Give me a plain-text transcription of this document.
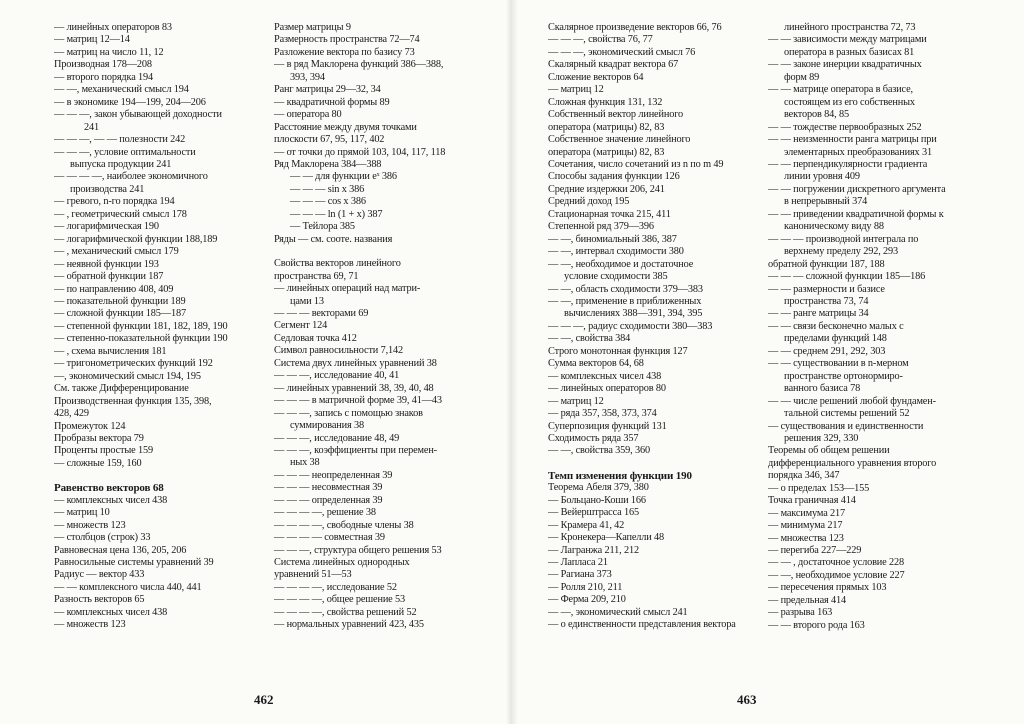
— линейных операторов 83
— матриц 12—14
— матриц на число 11, 12
Производная 178—208
— второго порядка 194
— —, механический смысл 194
— в экономике 194—199, 204—206
— — —, закон убывающей доходности
241
— — —, — — полезности 242
— — —, условие оптимальности
выпуска продукции 241
— — — —, наиболее экономичного
производства 241
— гревого, n-го порядка 194
— , геометрический смысл 178
— логарифмическая 190
— логарифмической функции 188,189
— , механический смысл 179
— неявной функции 193
— обратной функции 187
— по направлению 408, 409
— показательной функции 189
— сложной функции 185—187
— степенной функции 181, 182, 189, 190
— степенно-показательной функции 190
— , схема вычисления 181
— тригонометрических функций 192
—, экономический смысл 194, 195
См. также Дифференцирование
Производственная функция 135, 398,
428, 429
Промежуток 124
Пробразы вектора 79
Проценты простые 159
— сложные 159, 160
Равенство векторов 68
— комплексных чисел 438
— матриц 10
— множеств 123
— столбцов (строк) 33
Равновесная цена 136, 205, 206
Равносильные системы уравнений 39
Радиус — вектор 433
— — комплексного числа 440, 441
Разность векторов 65
— комплексных чисел 438
— множеств 123
Размер матрицы 9
Размерность пространства 72—74
Разложение вектора по базису 73
— в ряд Маклорена функций 386—388,
393, 394
Ранг матрицы 29—32, 34
— квадратичной формы 89
— оператора 80
Расстояние между двумя точками
плоскости 67, 95, 117, 402
— от точки до прямой 103, 104, 117, 118
Ряд Маклорена 384—388
— — для функции eˣ 386
— — — sin x 386
— — — cos x 386
— — — ln (1 + x) 387
— Тейлора 385
Ряды — см. сооте. названия
Свойства векторов линейного
пространства 69, 71
— линейных операций над матри-
цами 13
— — — векторами 69
Сегмент 124
Седловая точка 412
Символ равносильности 7,142
Система двух линейных уравнений 38
— — —, исследование 40, 41
— линейных уравнений 38, 39, 40, 48
— — — в матричной форме 39, 41—43
— — —, запись с помощью знаков
суммирования 38
— — —, исследование 48, 49
— — —, коэффициенты при перемен-
ных 38
— — — неопределенная 39
— — — несовместная 39
— — — определенная 39
— — — —, решение 38
— — — —, свободные члены 38
— — — — совместная 39
— — —, структура общего решения 53
Система линейных однородных
уравнений 51—53
— — — —, исследование 52
— — — —, общее решение 53
— — — —, свойства решений 52
— нормальных уравнений 423, 435
Скалярное произведение векторов 66, 76
— — —, свойства 76, 77
— — —, экономический смысл 76
Скалярный квадрат вектора 67
Сложение векторов 64
— матриц 12
Сложная функция 131, 132
Собственный вектор линейного
оператора (матрицы) 82, 83
Собственное значение линейного
оператора (матрицы) 82, 83
Сочетания, число сочетаний из n по m 49
Способы задания функции 126
Средние издержки 206, 241
Средний доход 195
Стационарная точка 215, 411
Степенной ряд 379—396
— —, биномиальный 386, 387
— —, интервал сходимости 380
— —, необходимое и достаточное
условие сходимости 385
— —, область сходимости 379—383
— —, применение в приближенных
вычислениях 388—391, 394, 395
— — —, радиус сходимости 380—383
— —, свойства 384
Строго монотонная функция 127
Сумма векторов 64, 68
— комплексных чисел 438
— линейных операторов 80
— матриц 12
— ряда 357, 358, 373, 374
Суперпозиция функций 131
Сходимость ряда 357
— —, свойства 359, 360
Темп изменения функции 190
Теорема Абеля 379, 380
— Больцано-Коши 166
— Вейерштрасса 165
— Крамера 41, 42
— Кронекера—Капелли 48
— Лагранжа 211, 212
— Лапласа 21
— Рагиана 373
— Ролля 210, 211
— Ферма 209, 210
— —, экономический смысл 241
— о единственности представления вектора
линейного пространства 72, 73
— — зависимости между матрицами
оператора в разных базисах 81
— — законе инерции квадратичных
форм 89
— — матрице оператора в базисе,
состоящем из его собственных
векторов 84, 85
— — тождестве первообразных 252
— — неизменности ранга матрицы при
элементарных преобразованиях 31
— — перпендикулярности градиента
линии уровня 409
— — погружении дискретного аргумента
в непрерывный 374
— — приведении квадратичной формы к
каноническому виду 88
— — — производной интеграла по
верхнему пределу 292, 293
обратной функции 187, 188
— — — сложной функции 185—186
— — размерности и базисе
пространства 73, 74
— — ранге матрицы 34
— — связи бесконечно малых с
пределами функций 148
— — среднем 291, 292, 303
— — существовании в n-мерном
пространстве ортонормиро-
ванного базиса 78
— — числе решений любой фундамен-
тальной системы решений 52
— существования и единственности
решения 329, 330
Теоремы об общем решении
дифференциального уравнения второго
порядка 346, 347
— о пределах 153—155
Точка граничная 414
— максимума 217
— минимума 217
— множества 123
— перегиба 227—229
— — , достаточное условие 228
— —, необходимое условие 227
— пересечения прямых 103
— предельная 414
— разрыва 163
— — второго рода 163
462	463
